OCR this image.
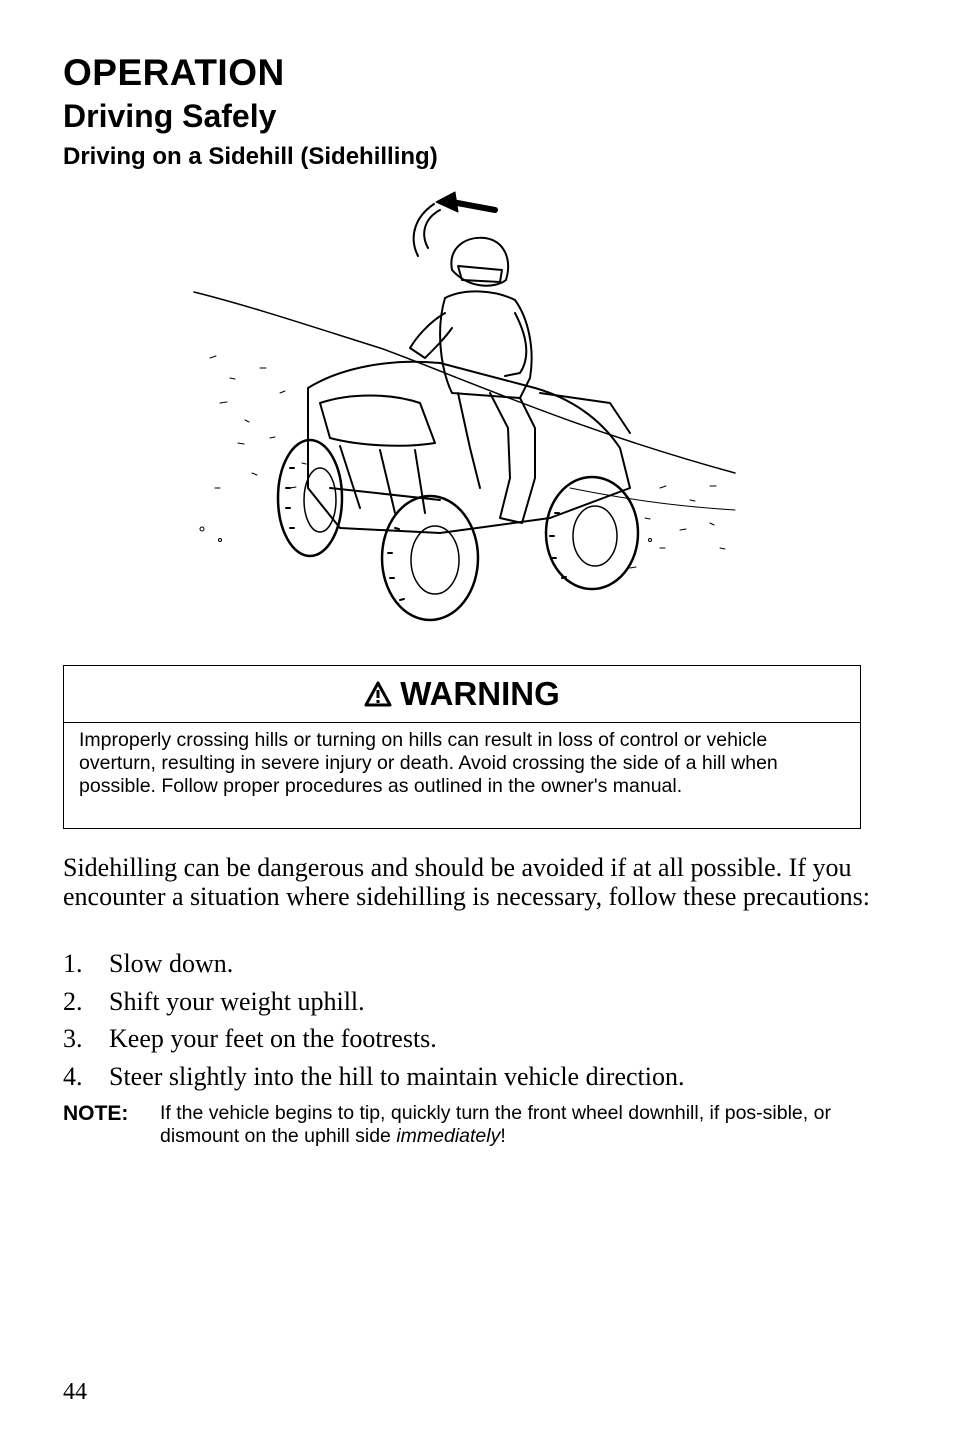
OPERATION
Driving Safely
Driving on a Sidehill (Sidehilling)
WARNING
Improperly crossing hills or turning on hills can result in loss of control or vehicle overturn, resulting in severe injury or death. Avoid crossing the side of a hill when possible. Follow proper procedures as outlined in the owner's manual.

Sidehilling can be dangerous and should be avoided if at all possible. If you encounter a situation where sidehilling is necessary, follow these precautions:

1.	Slow down.
2.	Shift your weight uphill.
3.	Keep your feet on the footrests.
4.	Steer slightly into the hill to maintain vehicle direction.
NOTE:	If the vehicle begins to tip, quickly turn the front wheel downhill, if pos-sible, or dismount on the uphill side immediately!
44
